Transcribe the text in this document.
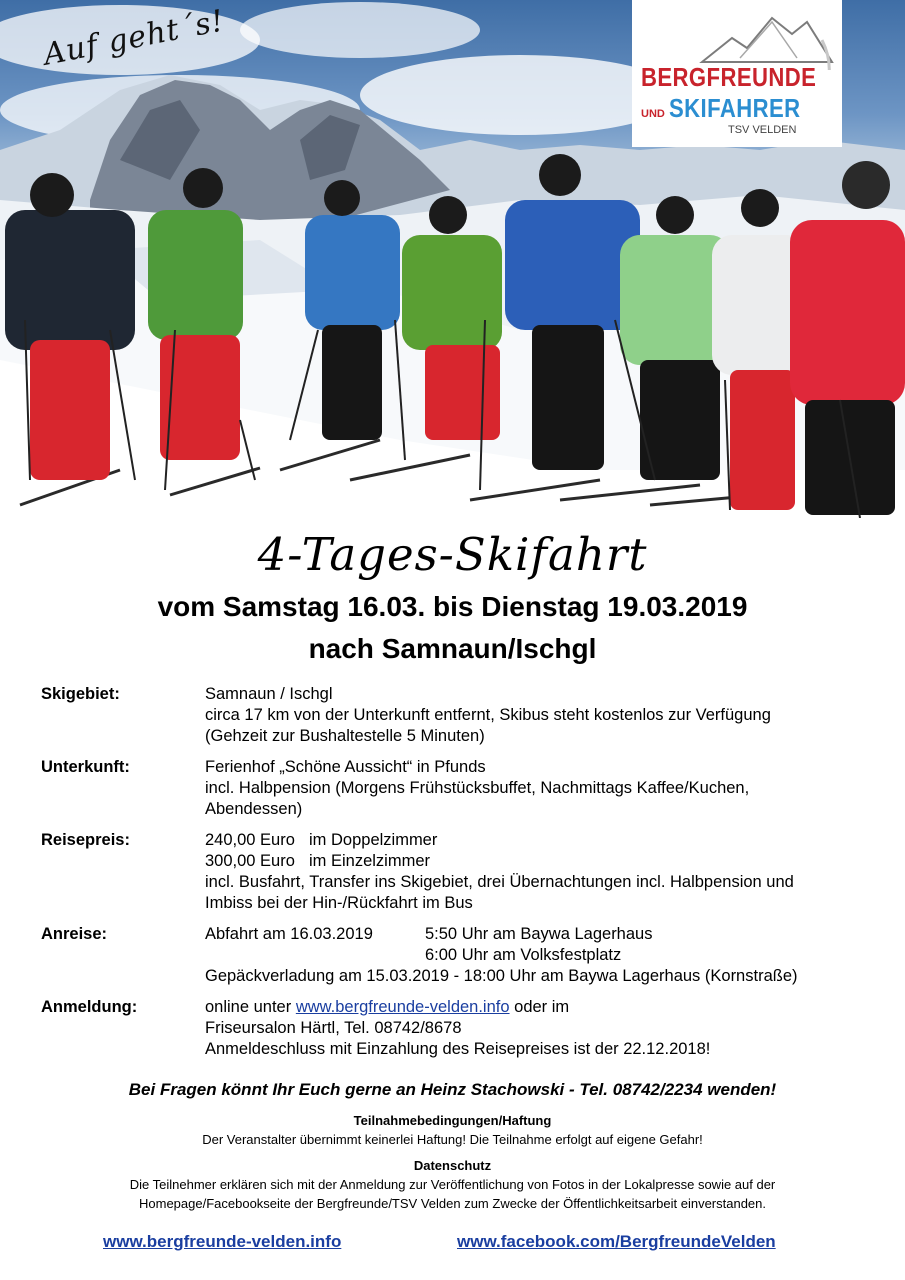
Auf geht´s!
BERGFREUNDE
UND SKIFAHRER
TSV VELDEN
4-Tages-Skifahrt
vom Samstag 16.03. bis Dienstag 19.03.2019
nach Samnaun/Ischgl
Skigebiet:	Samnaun / Ischgl
circa 17 km von der Unterkunft entfernt, Skibus steht kostenlos zur Verfügung
(Gehzeit zur Bushaltestelle 5 Minuten)
Unterkunft:	Ferienhof „Schöne Aussicht“ in Pfunds
incl. Halbpension (Morgens Frühstücksbuffet, Nachmittags Kaffee/Kuchen,
Abendessen)
Reisepreis:	240,00 Euro im Doppelzimmer
300,00 Euro im Einzelzimmer
incl. Busfahrt, Transfer ins Skigebiet, drei Übernachtungen incl. Halbpension und
Imbiss bei der Hin-/Rückfahrt im Bus
Anreise:	Abfahrt am 16.03.2019	5:50 Uhr am Baywa Lagerhaus
6:00 Uhr am Volksfestplatz
Gepäckverladung am 15.03.2019 - 18:00 Uhr am Baywa Lagerhaus (Kornstraße)
Anmeldung:	online unter www.bergfreunde-velden.info oder im
Friseursalon Härtl, Tel. 08742/8678
Anmeldeschluss mit Einzahlung des Reisepreises ist der 22.12.2018!
Bei Fragen könnt Ihr Euch gerne an Heinz Stachowski - Tel. 08742/2234 wenden!
Teilnahmebedingungen/Haftung
Der Veranstalter übernimmt keinerlei Haftung! Die Teilnahme erfolgt auf eigene Gefahr!
Datenschutz
Die Teilnehmer erklären sich mit der Anmeldung zur Veröffentlichung von Fotos in der Lokalpresse sowie auf der
Homepage/Facebookseite der Bergfreunde/TSV Velden zum Zwecke der Öffentlichkeitsarbeit einverstanden.
www.bergfreunde-velden.info	www.facebook.com/BergfreundeVelden
